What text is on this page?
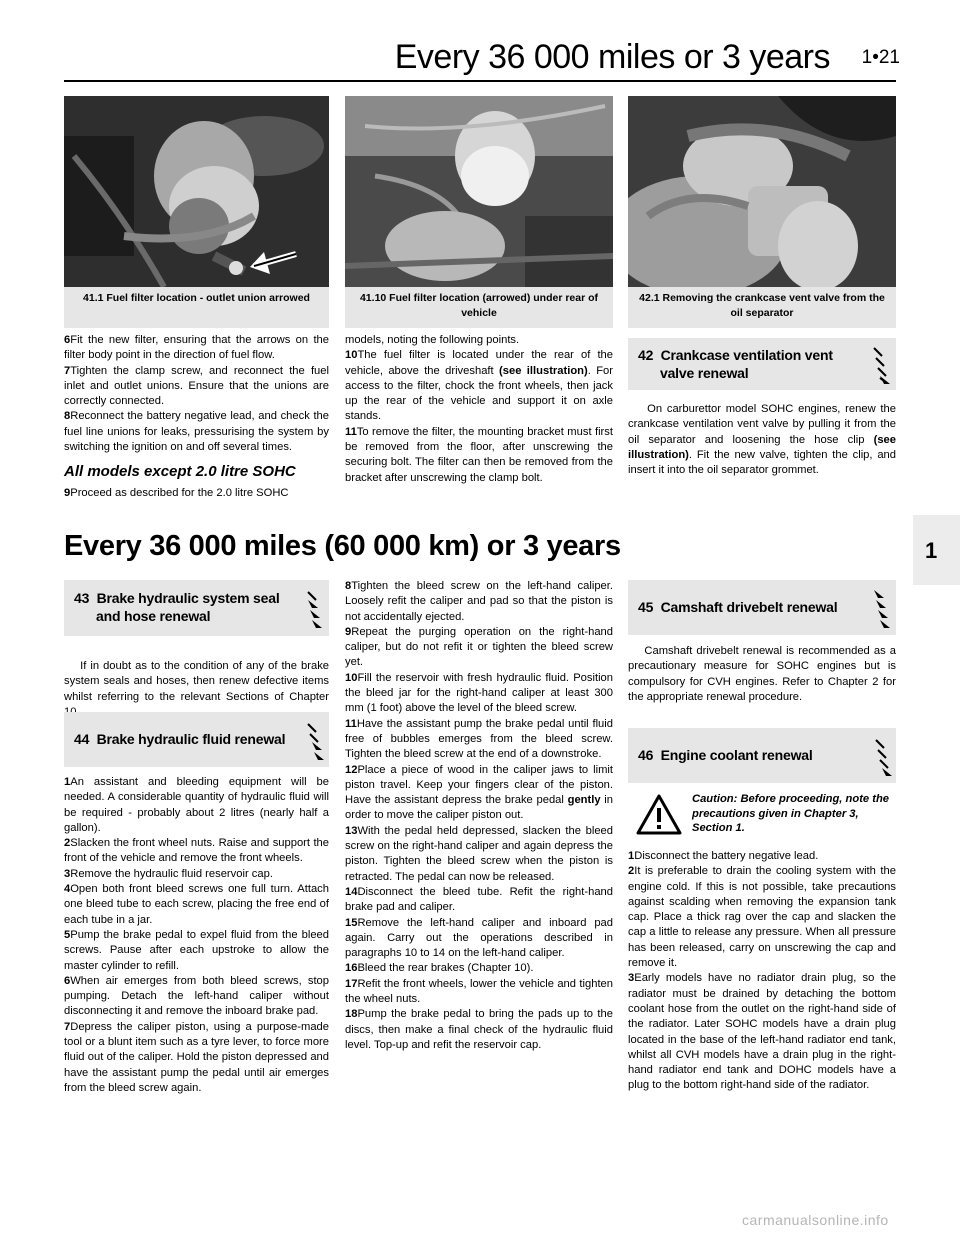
Every 36 000 miles or 3 years 1•21
1
41.1 Fuel filter location - outlet union arrowed	41.10 Fuel filter location (arrowed) under rear of vehicle
42.1 Removing the crankcase vent valve from the oil separator

6Fit the new filter, ensuring that the arrows on the filter body point in the direction of fuel flow.

7Tighten the clamp screw, and reconnect the fuel inlet and outlet unions. Ensure that the unions are correctly connected.

8Reconnect the battery negative lead, and check the fuel line unions for leaks, pressurising the system by switching the ignition on and off several times.

All models except 2.0 litre SOHC

9Proceed as described for the 2.0 litre SOHC

models, noting the following points.

10The fuel filter is located under the rear of the vehicle, above the driveshaft (see illustration). For access to the filter, chock the front wheels, then jack up the rear of the vehicle and support it on axle stands.

11To remove the filter, the mounting bracket must first be removed from the floor, after unscrewing the securing bolt. The filter can then be removed from the bracket after unscrewing the clamp bolt.

42 Crankcase ventilation vent
valve renewal

On carburettor model SOHC engines, renew the crankcase ventilation vent valve by pulling it from the oil separator and loosening the hose clip (see illustration). Fit the new valve, tighten the clip, and insert it into the oil separator grommet.

Every 36 000 miles (60 000 km) or 3 years
43 Brake hydraulic system seal
and hose renewal

If in doubt as to the condition of any of the brake system seals and hoses, then renew defective items whilst referring to the relevant Sections of Chapter

44 Brake hydraulic fluid renewal

1An assistant and bleeding equipment will be needed. A considerable quantity of hydraulic fluid will be required - probably about 2 litres (nearly half a gallon).

2Slacken the front wheel nuts. Raise and support the front of the vehicle and remove the front wheels.

3Remove the hydraulic fluid reservoir cap.

4Open both front bleed screws one full turn. Attach one bleed tube to each screw, placing the free end of each tube in a jar.

5Pump the brake pedal to expel fluid from the bleed screws. Pause after each upstroke to allow the master cylinder to refill.

6When air emerges from both bleed screws, stop pumping. Detach the left-hand caliper without disconnecting it and remove the inboard brake pad.

7Depress the caliper piston, using a purpose-made tool or a blunt item such as a tyre lever, to force more fluid out of the caliper. Hold the piston depressed and have the assistant pump the pedal until air emerges from the bleed screw again.

8Tighten the bleed screw on the left-hand caliper. Loosely refit the caliper and pad so that the piston is not accidentally ejected.

9Repeat the purging operation on the right-hand caliper, but do not refit it or tighten the bleed screw yet.

10Fill the reservoir with fresh hydraulic fluid. Position the bleed jar for the right-hand caliper at least 300 mm (1 foot) above the level of the bleed screw.

11Have the assistant pump the brake pedal until fluid free of bubbles emerges from the bleed screw. Tighten the bleed screw at the end of a downstroke.

12Place a piece of wood in the caliper jaws to limit piston travel. Keep your fingers clear of the piston. Have the assistant depress the brake pedal gently in order to move the caliper piston out.

13With the pedal held depressed, slacken the bleed screw on the right-hand caliper and again depress the piston. Tighten the bleed screw when the piston is retracted. The pedal can now be released.

14Disconnect the bleed tube. Refit the right-hand brake pad and caliper.

15Remove the left-hand caliper and inboard pad again. Carry out the operations described in paragraphs 10 to 14 on the left-hand caliper.

16Bleed the rear brakes (Chapter 10).

17Refit the front wheels, lower the vehicle and tighten the wheel nuts.

18Pump the brake pedal to bring the pads up to the discs, then make a final check of the hydraulic fluid level. Top-up and refit the reservoir cap.

45 Camshaft drivebelt renewal

Camshaft drivebelt renewal is recommended as a precautionary measure for SOHC engines but is compulsory for CVH engines. Refer to Chapter 2 for the appropriate renewal procedure.

46 Engine coolant renewal
Caution: Before proceeding, note the precautions given in Chapter 3, Section 1.

1Disconnect the battery negative lead.

2It is preferable to drain the cooling system with the engine cold. If this is not possible, take precautions against scalding when removing the expansion tank cap. Place a thick rag over the cap and slacken the cap a little to release any pressure. When all pressure has been released, carry on unscrewing the cap and remove it.

3Early models have no radiator drain plug, so the radiator must be drained by detaching the bottom coolant hose from the outlet on the right-hand side of the radiator. Later SOHC models have a drain plug located in the base of the left-hand radiator end tank, whilst all CVH models have a drain plug in the right-hand radiator end tank and DOHC models have a plug to the bottom right-hand side of the radiator.

carmanualsonline.info
